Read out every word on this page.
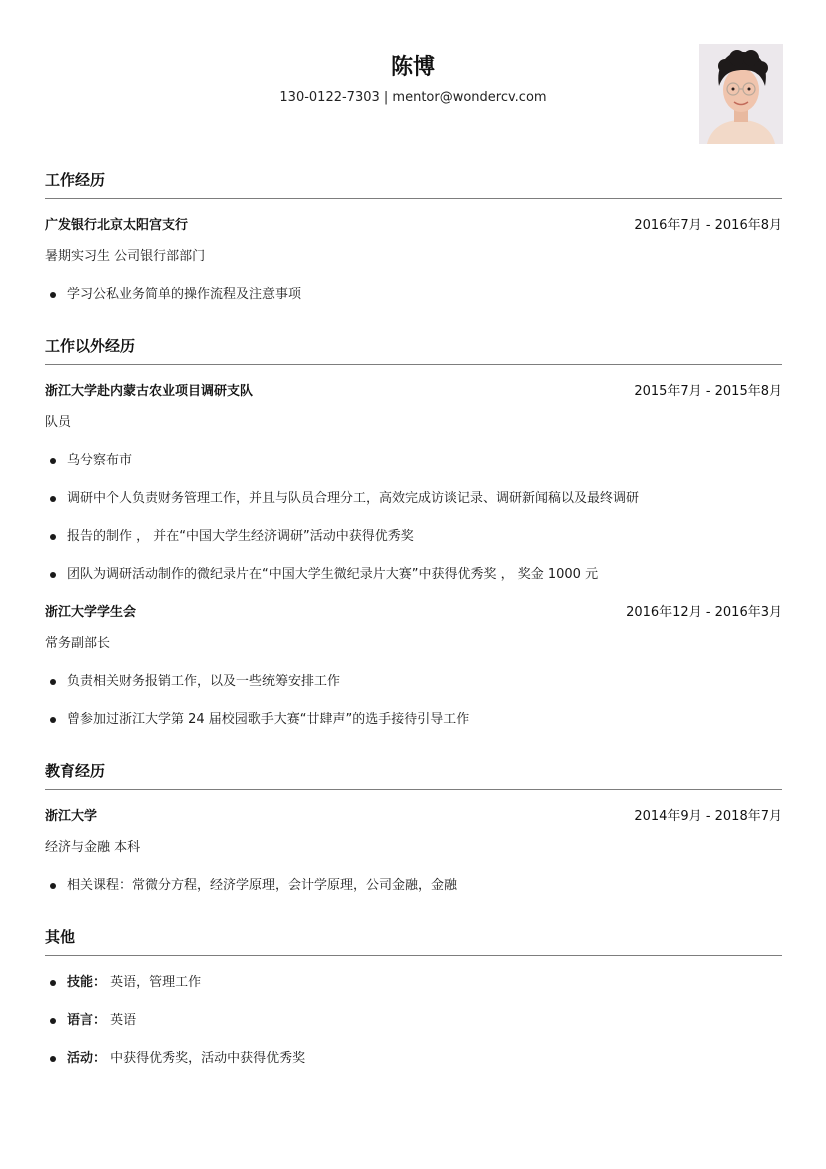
陈博
130-0122-7303 | mentor@wondercv.com
工作经历
广发银行北京太阳宫支行	2016年7月 - 2016年8月
暑期实习生 公司银行部部门
学习公私业务简单的操作流程及注意事项
工作以外经历
浙江大学赴内蒙古农业项目调研支队	2015年7月 - 2015年8月
队员
乌兮察布市
调研中个人负责财务管理工作，并且与队员合理分工，高效完成访谈记录、调研新闻稿以及最终调研
报告的制作 ， 并在“中国大学生经济调研”活动中获得优秀奖
团队为调研活动制作的微纪录片在“中国大学生微纪录片大赛”中获得优秀奖 ， 奖金 1000 元
浙江大学学生会	2016年12月 - 2016年3月
常务副部长
负责相关财务报销工作，以及一些统筹安排工作
曾参加过浙江大学第 24 届校园歌手大赛“廿肆声”的选手接待引导工作
教育经历
浙江大学	2014年9月 - 2018年7月
经济与金融 本科
相关课程：常微分方程，经济学原理，会计学原理，公司金融，金融
其他
技能： 英语，管理工作
语言： 英语
活动： 中获得优秀奖，活动中获得优秀奖
